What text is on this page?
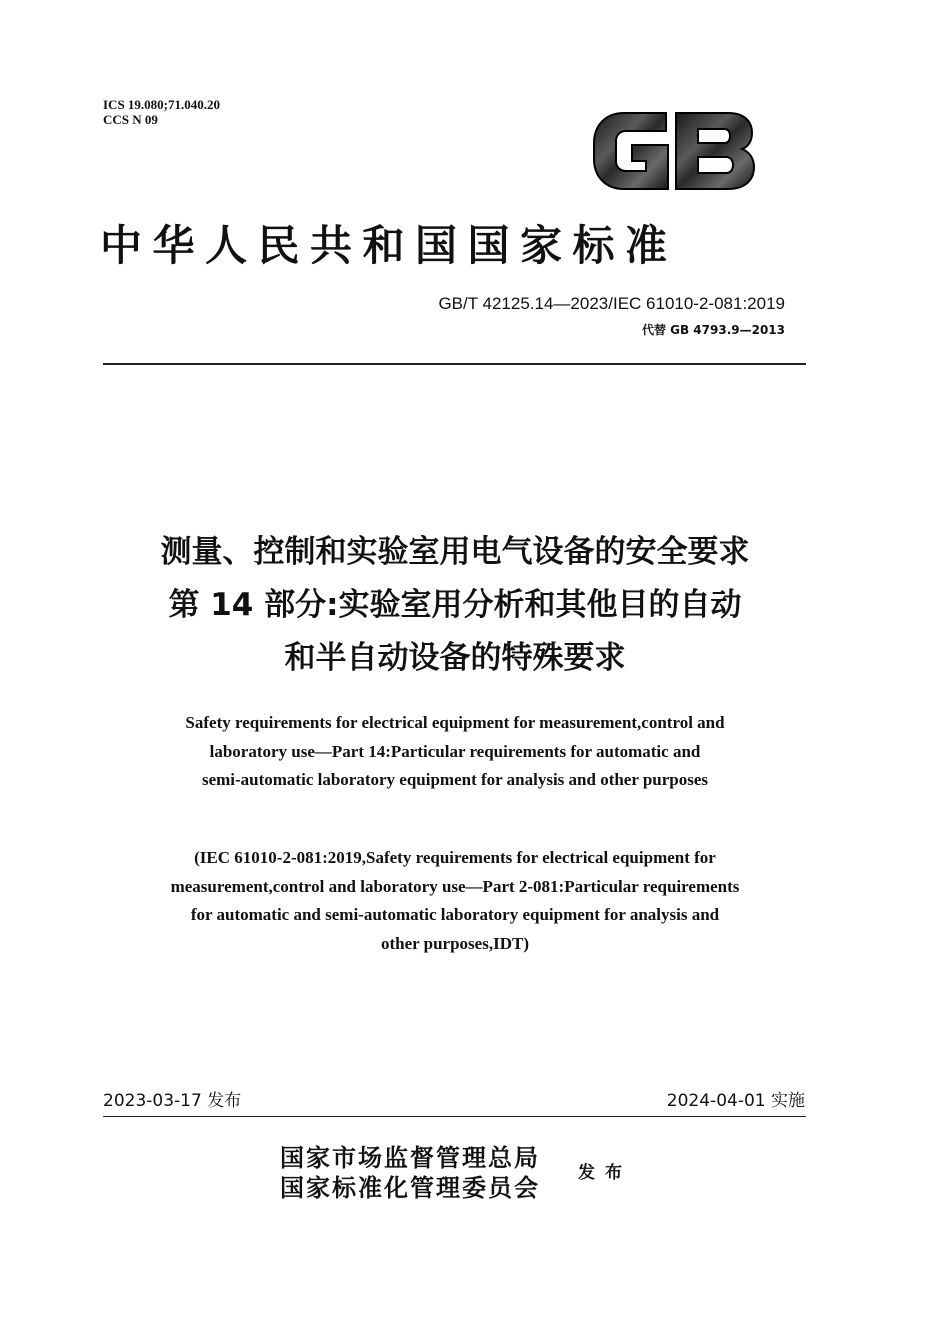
ICS 19.080;71.040.20
CCS N 09
中华人民共和国国家标准
GB/T 42125.14—2023/IEC 61010-2-081:2019
代替 GB 4793.9—2013
测量、控制和实验室用电气设备的安全要求
第 14 部分:实验室用分析和其他目的自动
和半自动设备的特殊要求
Safety requirements for electrical equipment for measurement,control and
laboratory use—Part 14:Particular requirements for automatic and
semi-automatic laboratory equipment for analysis and other purposes
(IEC 61010-2-081:2019,Safety requirements for electrical equipment for
measurement,control and laboratory use—Part 2-081:Particular requirements
for automatic and semi-automatic laboratory equipment for analysis and
other purposes,IDT)
2023-03-17 发布	2024-04-01 实施
国家市场监督管理总局
国家标准化管理委员会 发布
